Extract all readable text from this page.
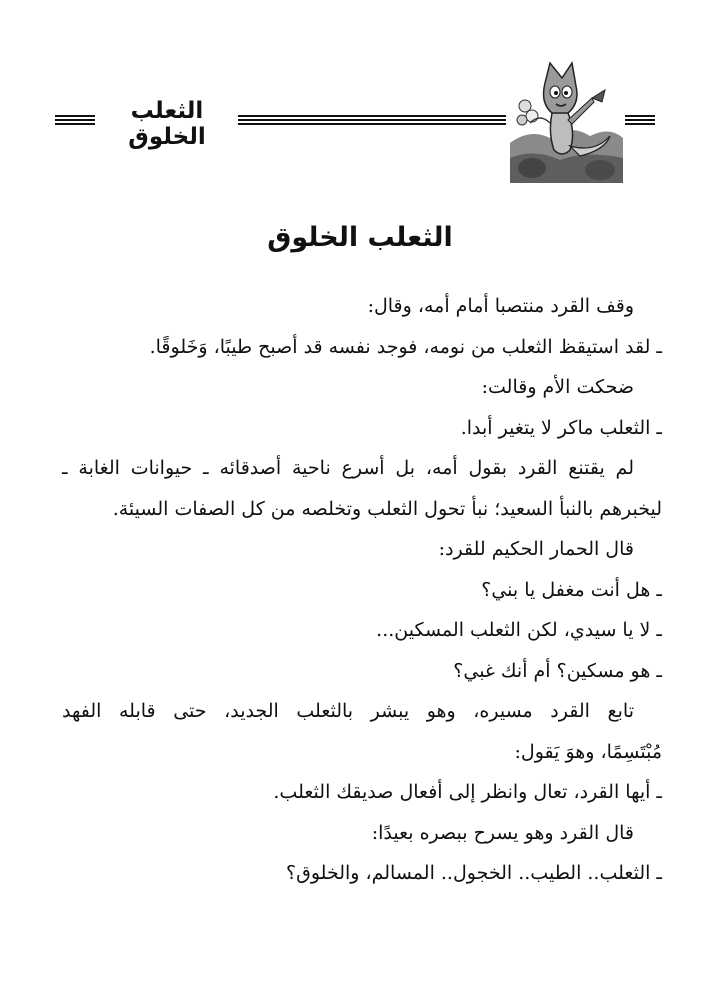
الثعلب الخلوق
الثعلب الخلوق
وقف القرد منتصبا أمام أمه، وقال:
ـ لقد استيقظ الثعلب من نومه، فوجد نفسه قد أصبح طيبًا، وَخَلوقًا.
ضحكت الأم وقالت:
ـ الثعلب ماكر لا يتغير أبدا.
لم يقتنع القرد بقول أمه، بل أسرع ناحية أصدقائه ـ حيوانات الغابة ـ
ليخبرهم بالنبأ السعيد؛ نبأ تحول الثعلب وتخلصه من كل الصفات السيئة.
قال الحمار الحكيم للقرد:
ـ هل أنت مغفل يا بني؟
ـ لا يا سيدي، لكن الثعلب المسكين...
ـ هو مسكين؟ أم أنك غبي؟
تابع القرد مسيره، وهو يبشر بالثعلب الجديد، حتى قابله الفهد
مُبْتَسِمًا، وهوَ يَقول:
ـ أيها القرد، تعال وانظر إلى أفعال صديقك الثعلب.
قال القرد وهو يسرح ببصره بعيدًا:
ـ الثعلب.. الطيب.. الخجول.. المسالم، والخلوق؟
